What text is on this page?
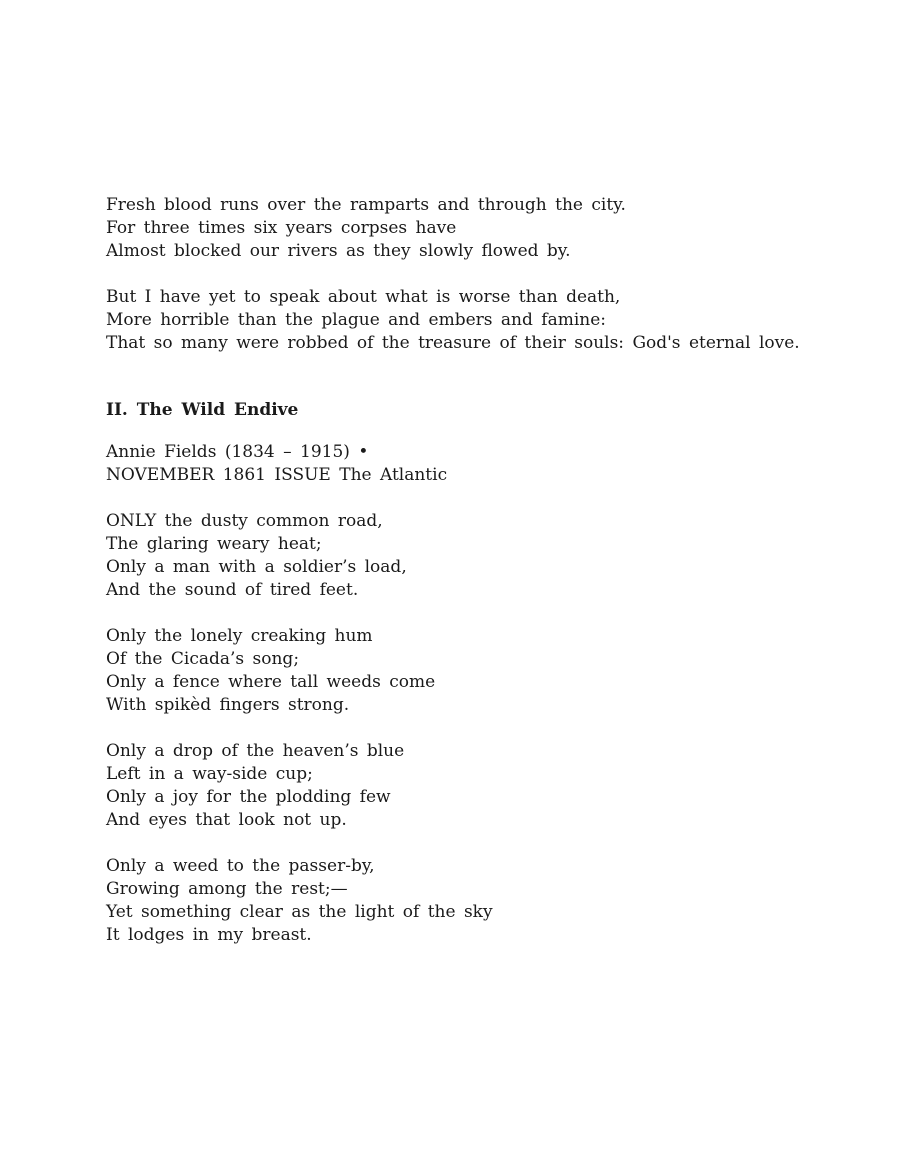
Fresh blood runs over the ramparts and through the city.
For three times six years corpses have
Almost blocked our rivers as they slowly flowed by.
But I have yet to speak about what is worse than death,
More horrible than the plague and embers and famine:
That so many were robbed of the treasure of their souls: God's eternal love.
II. The Wild Endive
Annie Fields (1834 – 1915) •
NOVEMBER 1861 ISSUE The Atlantic
ONLY the dusty common road,
The glaring weary heat;
Only a man with a soldier’s load,
And the sound of tired feet.
Only the lonely creaking hum
Of the Cicada’s song;
Only a fence where tall weeds come
With spikèd fingers strong.
Only a drop of the heaven’s blue
Left in a way-side cup;
Only a joy for the plodding few
And eyes that look not up.
Only a weed to the passer-by,
Growing among the rest;—
Yet something clear as the light of the sky
It lodges in my breast.
